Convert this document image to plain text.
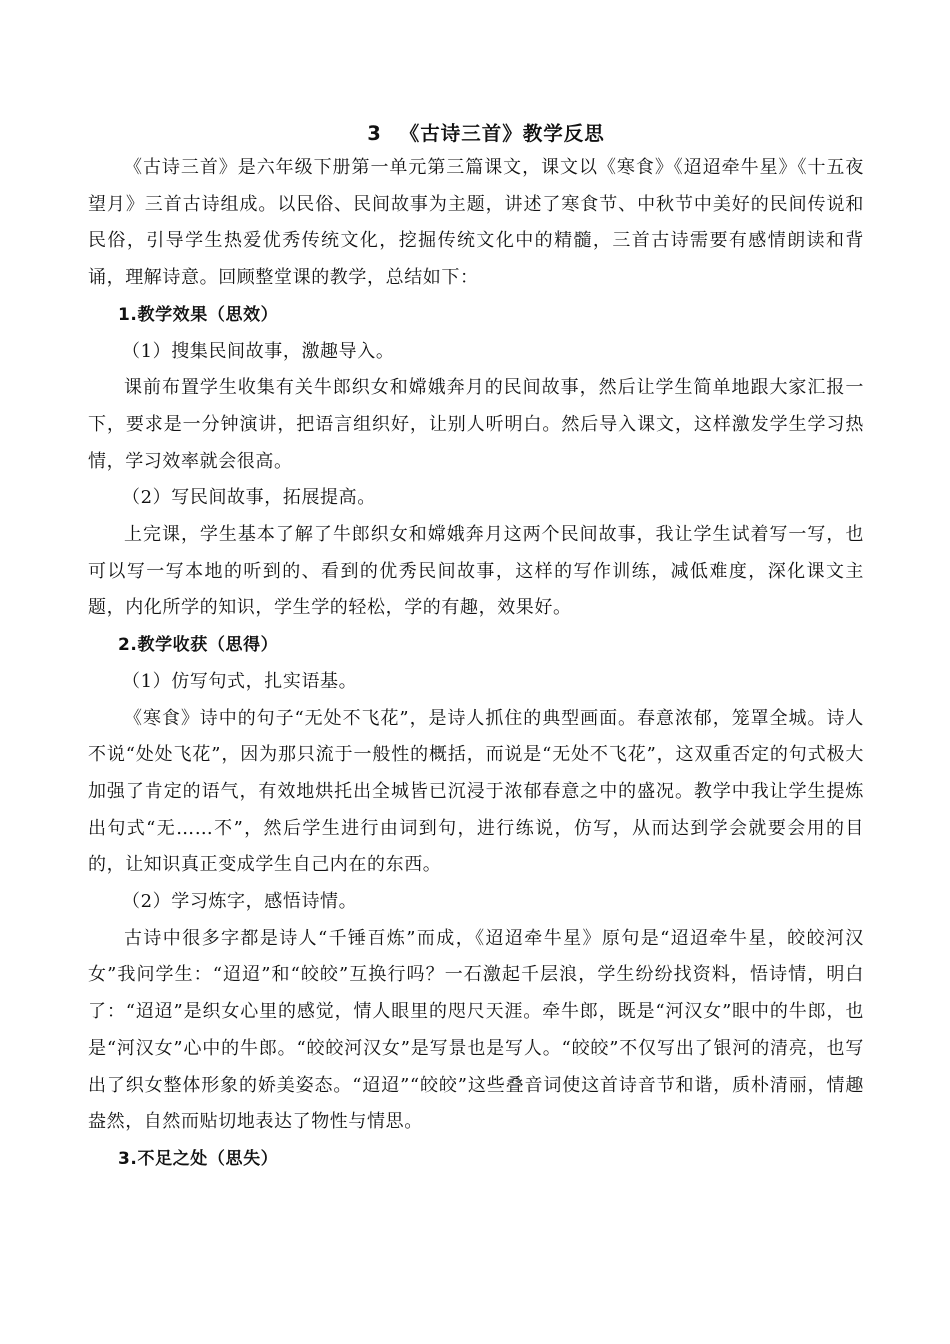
3 《古诗三首》教学反思

《古诗三首》是六年级下册第一单元第三篇课文，课文以《寒食》《迢迢牵牛星》《十五夜望月》三首古诗组成。以民俗、民间故事为主题，讲述了寒食节、中秋节中美好的民间传说和民俗，引导学生热爱优秀传统文化，挖掘传统文化中的精髓，三首古诗需要有感情朗读和背诵，理解诗意。回顾整堂课的教学，总结如下：

1.教学效果（思效）

（1）搜集民间故事，激趣导入。

课前布置学生收集有关牛郎织女和嫦娥奔月的民间故事，然后让学生简单地跟大家汇报一下，要求是一分钟演讲，把语言组织好，让别人听明白。然后导入课文，这样激发学生学习热情，学习效率就会很高。

（2）写民间故事，拓展提高。

上完课，学生基本了解了牛郎织女和嫦娥奔月这两个民间故事，我让学生试着写一写，也可以写一写本地的听到的、看到的优秀民间故事，这样的写作训练，减低难度，深化课文主题，内化所学的知识，学生学的轻松，学的有趣，效果好。

2.教学收获（思得）

（1）仿写句式，扎实语基。

《寒食》诗中的句子“无处不飞花”，是诗人抓住的典型画面。春意浓郁，笼罩全城。诗人不说“处处飞花”，因为那只流于一般性的概括，而说是“无处不飞花”，这双重否定的句式极大加强了肯定的语气，有效地烘托出全城皆已沉浸于浓郁春意之中的盛况。教学中我让学生提炼出句式“无……不”，然后学生进行由词到句，进行练说，仿写，从而达到学会就要会用的目的，让知识真正变成学生自己内在的东西。

（2）学习炼字，感悟诗情。

古诗中很多字都是诗人“千锤百炼”而成，《迢迢牵牛星》原句是“迢迢牵牛星，皎皎河汉女”我问学生：“迢迢”和“皎皎”互换行吗？一石激起千层浪，学生纷纷找资料，悟诗情，明白了：“迢迢”是织女心里的感觉，情人眼里的咫尺天涯。牵牛郎，既是“河汉女”眼中的牛郎，也是“河汉女”心中的牛郎。“皎皎河汉女”是写景也是写人。“皎皎”不仅写出了银河的清亮，也写出了织女整体形象的娇美姿态。“迢迢”“皎皎”这些叠音词使这首诗音节和谐，质朴清丽，情趣盎然，自然而贴切地表达了物性与情思。

3.不足之处（思失）
